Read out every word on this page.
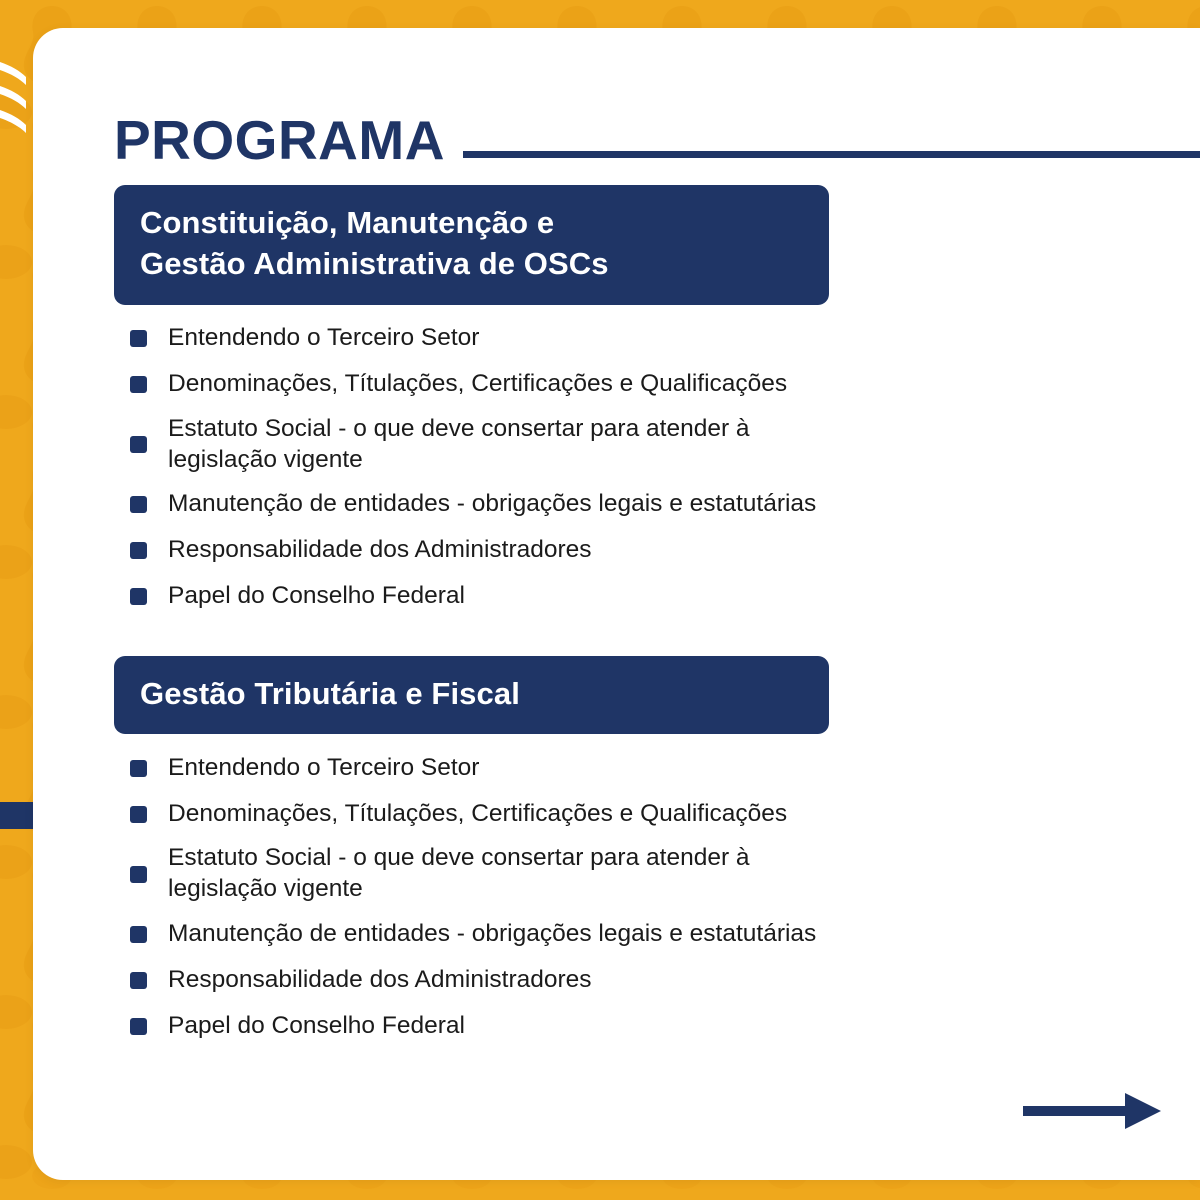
PROGRAMA
Constituição, Manutenção e
Gestão Administrativa de OSCs
Entendendo o Terceiro Setor
Denominações, Títulações, Certificações e Qualificações
Estatuto Social - o que deve consertar para atender à legislação vigente
Manutenção de entidades - obrigações legais e estatutárias
Responsabilidade dos Administradores
Papel do Conselho Federal
Gestão Tributária e Fiscal
Entendendo o Terceiro Setor
Denominações, Títulações, Certificações e Qualificações
Estatuto Social - o que deve consertar para atender à legislação vigente
Manutenção de entidades - obrigações legais e estatutárias
Responsabilidade dos Administradores
Papel do Conselho Federal
